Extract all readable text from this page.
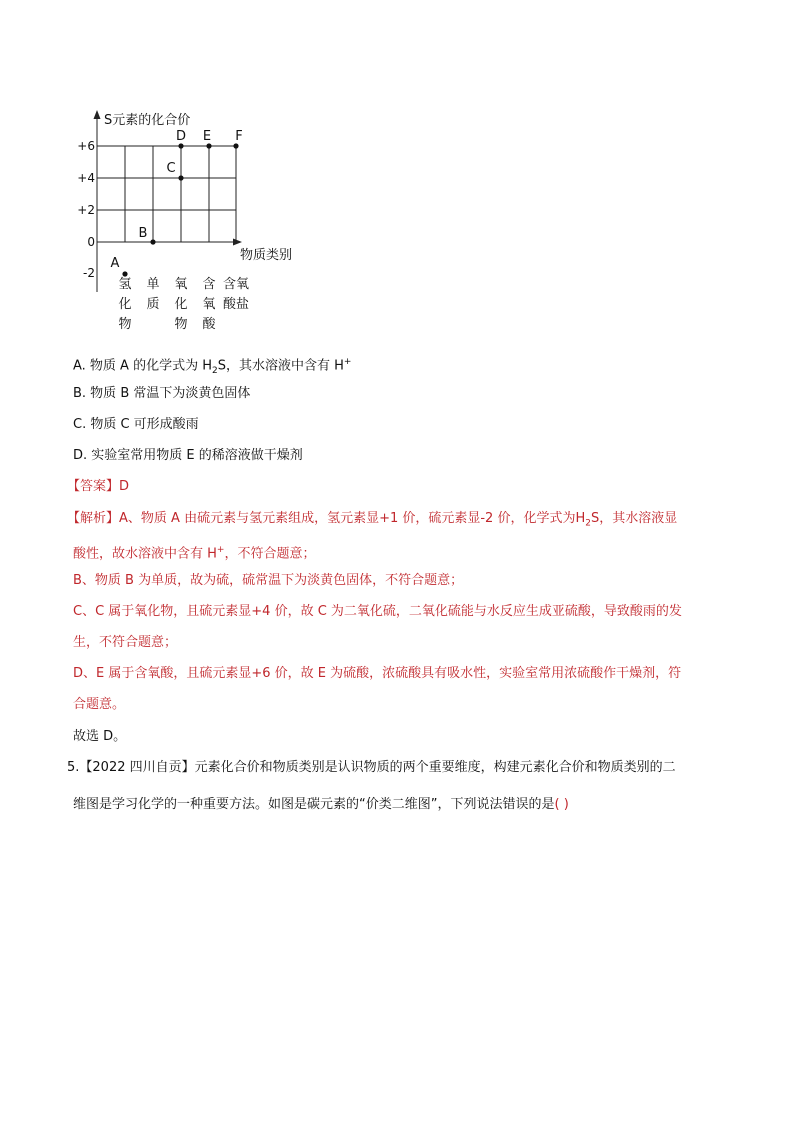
S元素的化合价
物质类别
+6
+4
+2
0
-2
氢
化
物
单
质
氧
化
物
含
氧
酸
含氧
酸盐
A
B
C
D E F
A. 物质 A 的化学式为 $H_2S$，其水溶液中含有 H+
B. 物质 B 常温下为淡黄色固体
C. 物质 C 可形成酸雨
D. 实验室常用物质 E 的稀溶液做干燥剂
【答案】D
【解析】A、物质 A 由硫元素与氢元素组成，氢元素显+1 价，硫元素显-2 价，化学式为$H_2S$，其水溶液显
酸性，故水溶液中含有 H+，不符合题意；
B、物质 B 为单质，故为硫，硫常温下为淡黄色固体，不符合题意；
C、C 属于氧化物，且硫元素显+4 价，故 C 为二氧化硫，二氧化硫能与水反应生成亚硫酸，导致酸雨的发
生，不符合题意；
D、E 属于含氧酸，且硫元素显+6 价，故 E 为硫酸，浓硫酸具有吸水性，实验室常用浓硫酸作干燥剂，符
合题意。
故选 D。
5.【2022 四川自贡】元素化合价和物质类别是认识物质的两个重要维度，构建元素化合价和物质类别的二
维图是学习化学的一种重要方法。如图是碳元素的“价类二维图”，下列说法错误的是( )
